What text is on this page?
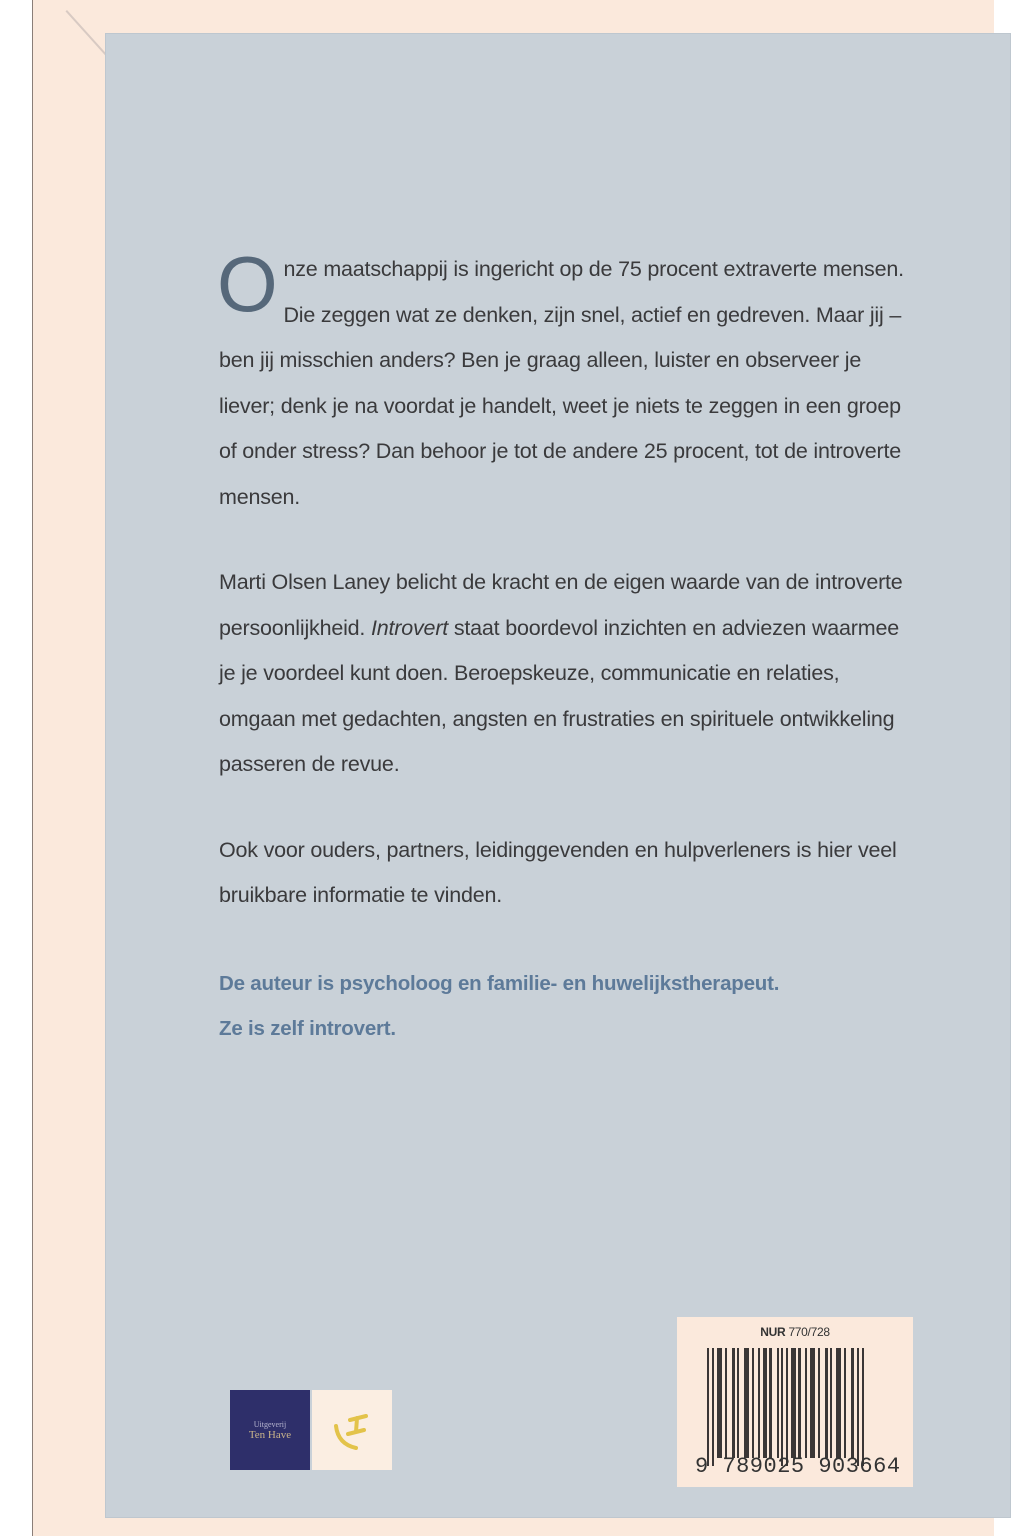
Onze maatschappij is ingericht op de 75 procent extraverte mensen. Die zeggen wat ze denken, zijn snel, actief en gedreven. Maar jij – ben jij misschien anders? Ben je graag alleen, luister en observeer je liever; denk je na voordat je handelt, weet je niets te zeggen in een groep of onder stress? Dan behoor je tot de andere 25 procent, tot de introverte mensen.

Marti Olsen Laney belicht de kracht en de eigen waarde van de introverte persoonlijkheid. Introvert staat boordevol inzichten en adviezen waarmee je je voordeel kunt doen. Beroepskeuze, communicatie en relaties, omgaan met gedachten, angsten en frustraties en spirituele ontwikkeling passeren de revue.

Ook voor ouders, partners, leidinggevenden en hulpverleners is hier veel bruikbare informatie te vinden.

De auteur is psycholoog en familie- en huwelijkstherapeut.
Ze is zelf introvert.
Uitgeverij
Ten Have
NUR 770/728
9 789025 903664
